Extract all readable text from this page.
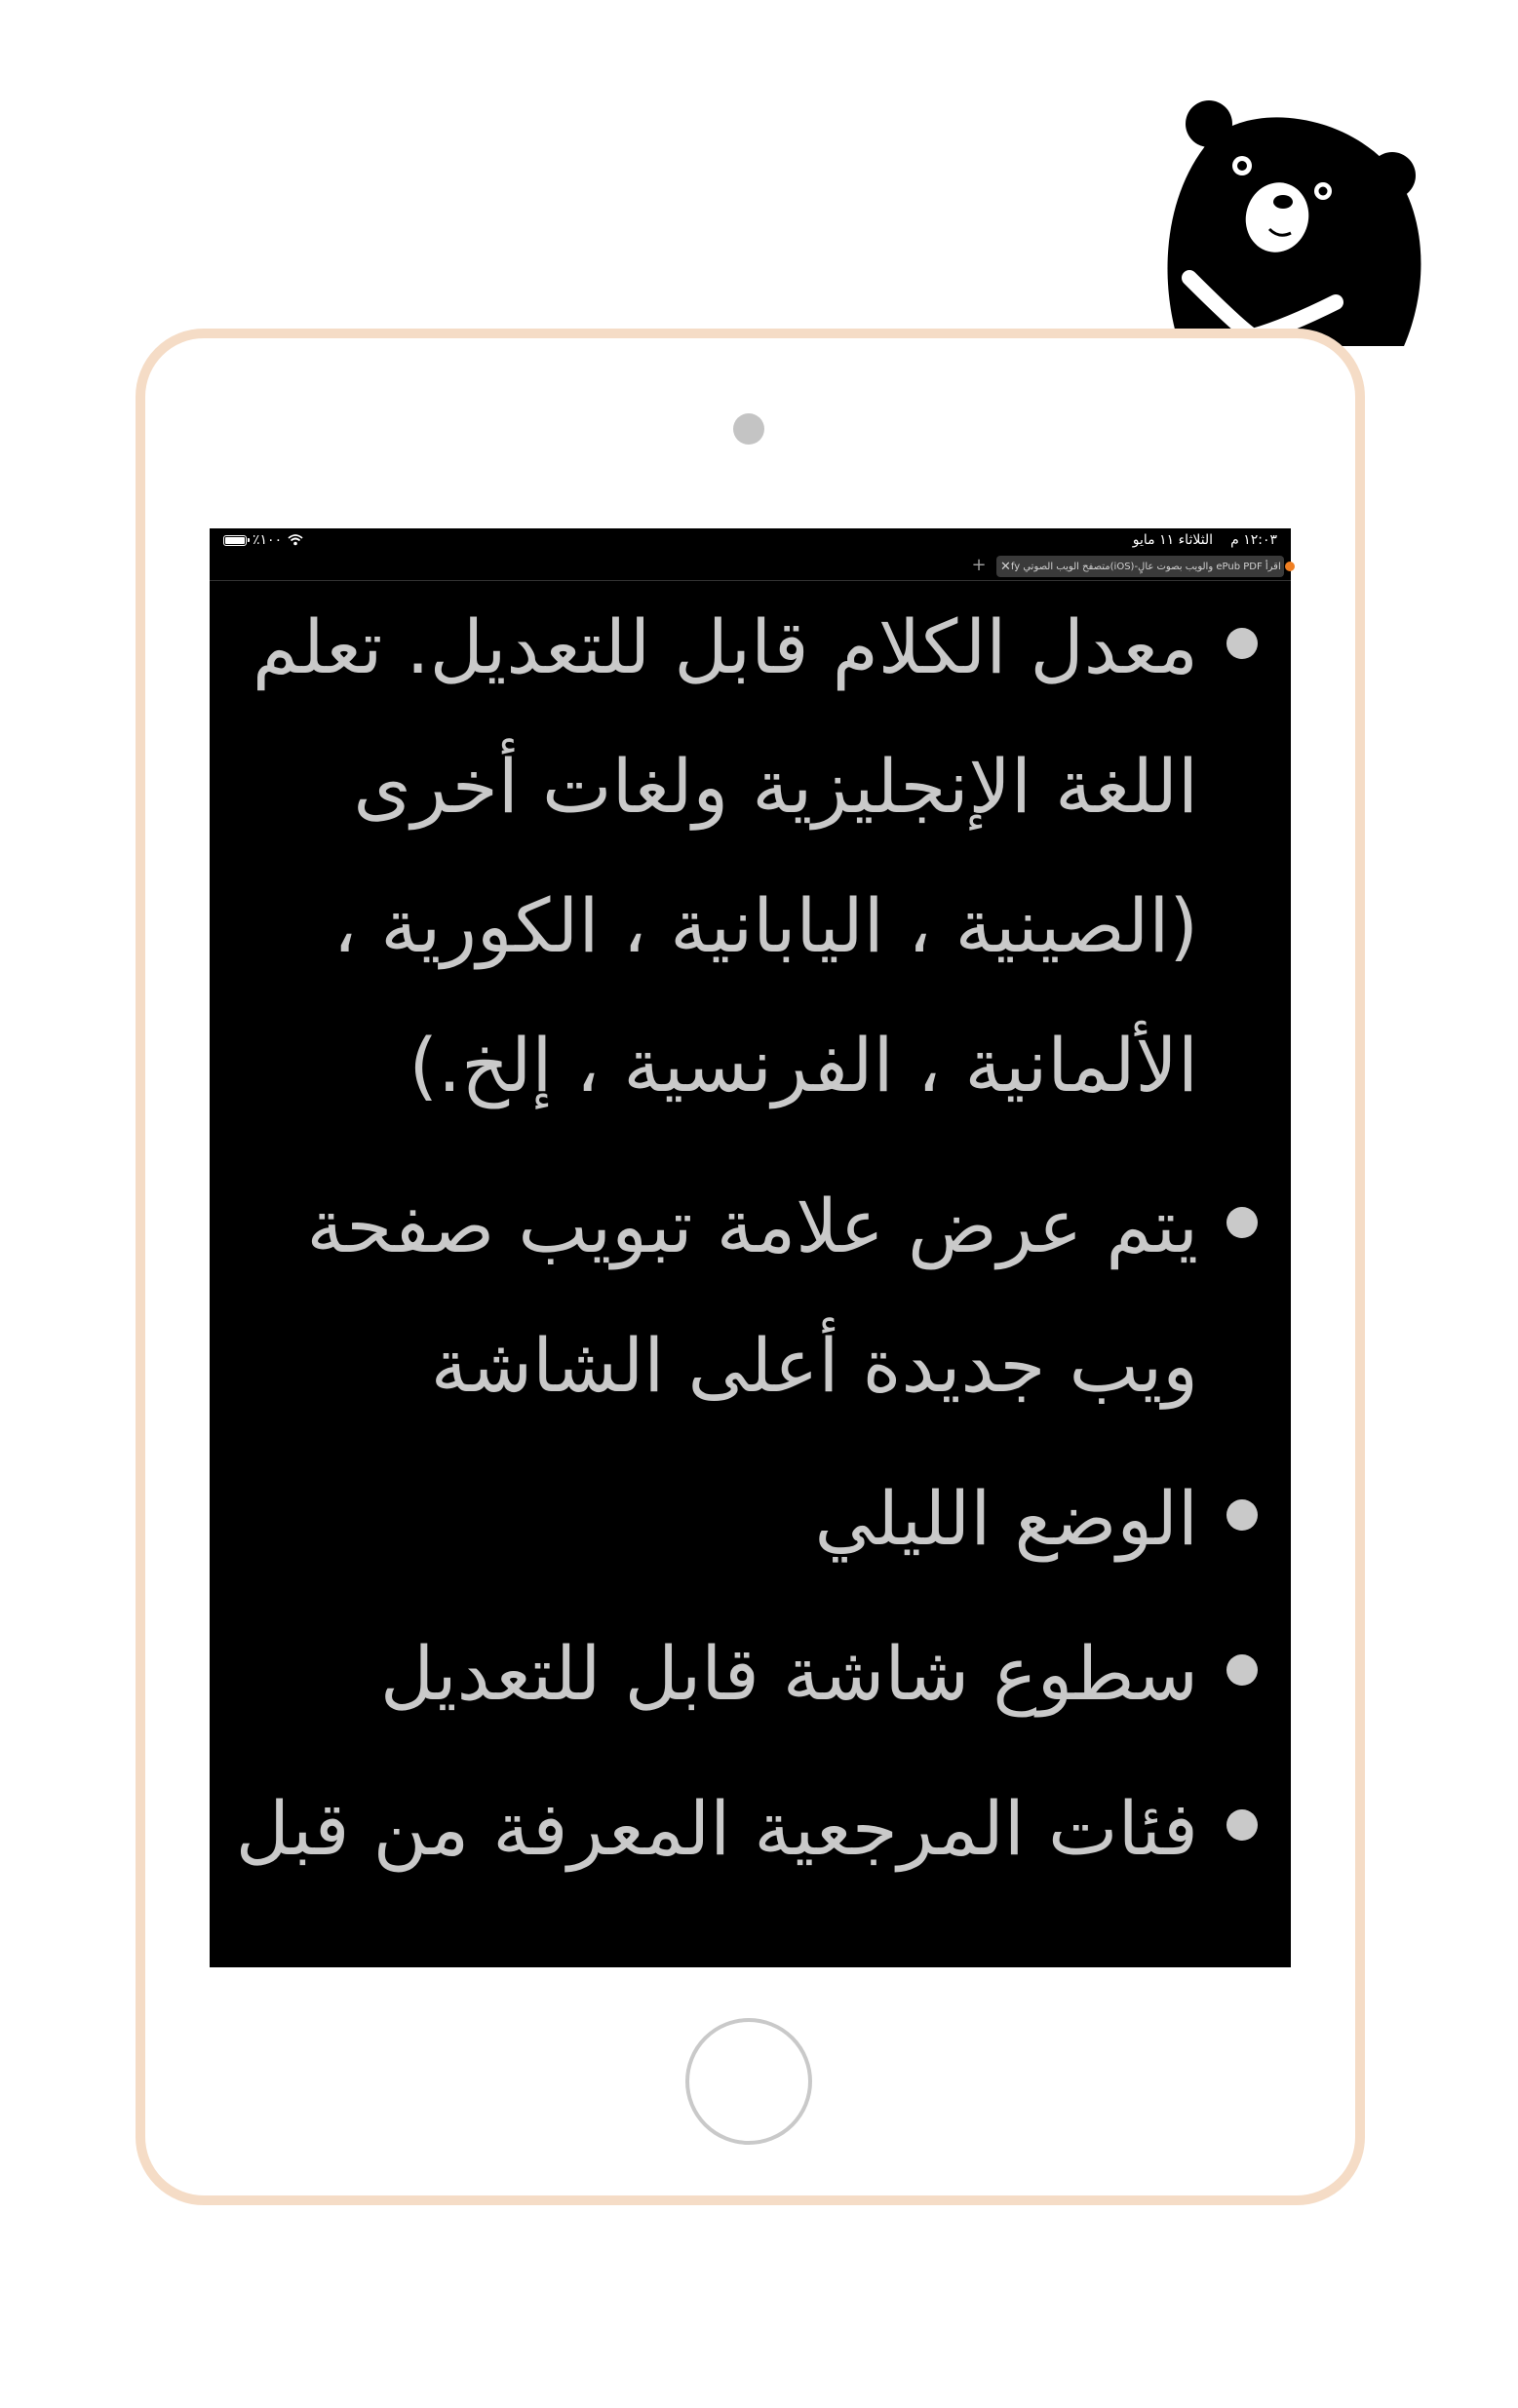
٪١٠٠	١٢:٠٣ م
الثلاثاء ١١ مايو
+ ✕ اقرأ ePub PDF والويب بصوت عالٍ-(iOS)متصفح الويب الصوتي fy
معدل الكلام قابل للتعديل. تعلم اللغة الإنجليزية ولغات أخرى (الصينية ، اليابانية ، الكورية ، الألمانية ، الفرنسية ، إلخ.)
يتم عرض علامة تبويب صفحة ويب جديدة أعلى الشاشة
الوضع الليلي
سطوع شاشة قابل للتعديل
فئات المرجعية المعرفة من قبل
